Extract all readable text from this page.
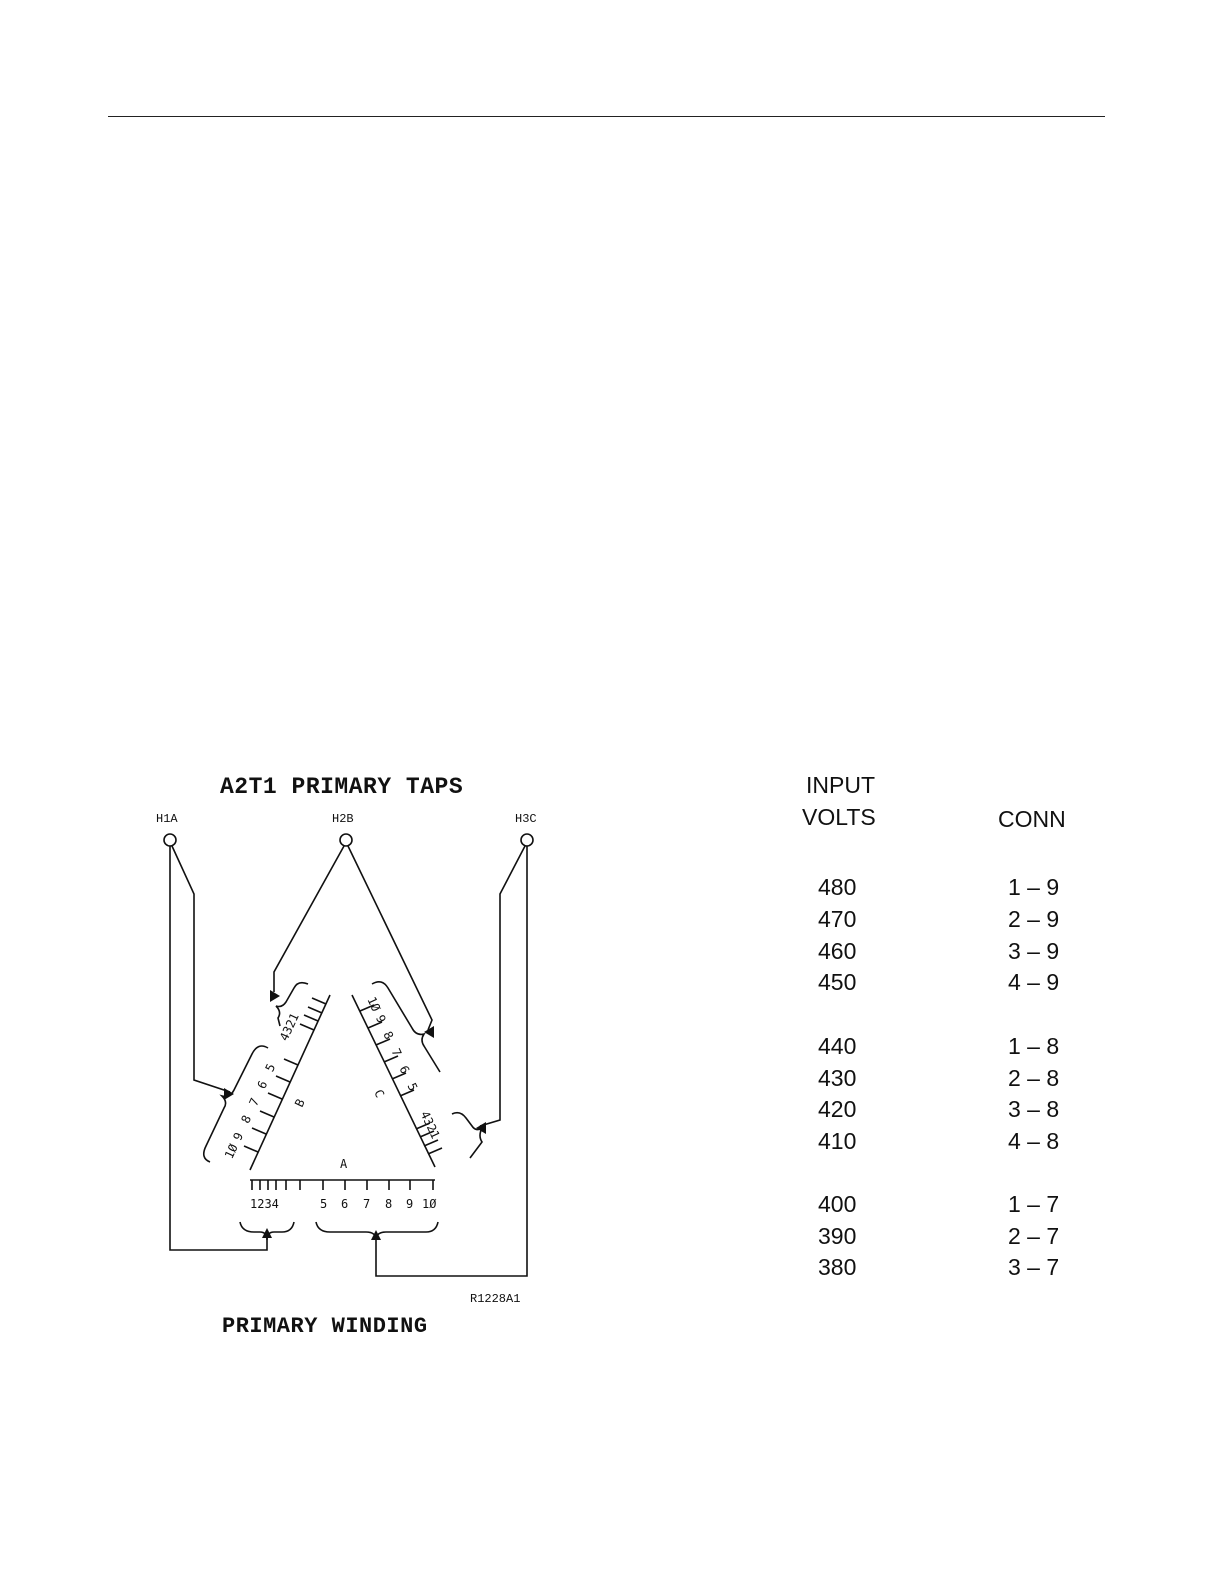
A2T1 PRIMARY TAPS
H1A	H2B	H3C
A
1234	5 6 7 8 9 1Ø
B
1Ø
9
8
7
6
5
4321
C
1Ø
9
8
7
6
5
4321
R1228A1
PRIMARY WINDING
INPUT
VOLTS	CONN
480	1 – 9
470	2 – 9
460	3 – 9
450	4 – 9
440	1 – 8
430	2 – 8
420	3 – 8
410	4 – 8
400	1 – 7
390	2 – 7
380	3 – 7
